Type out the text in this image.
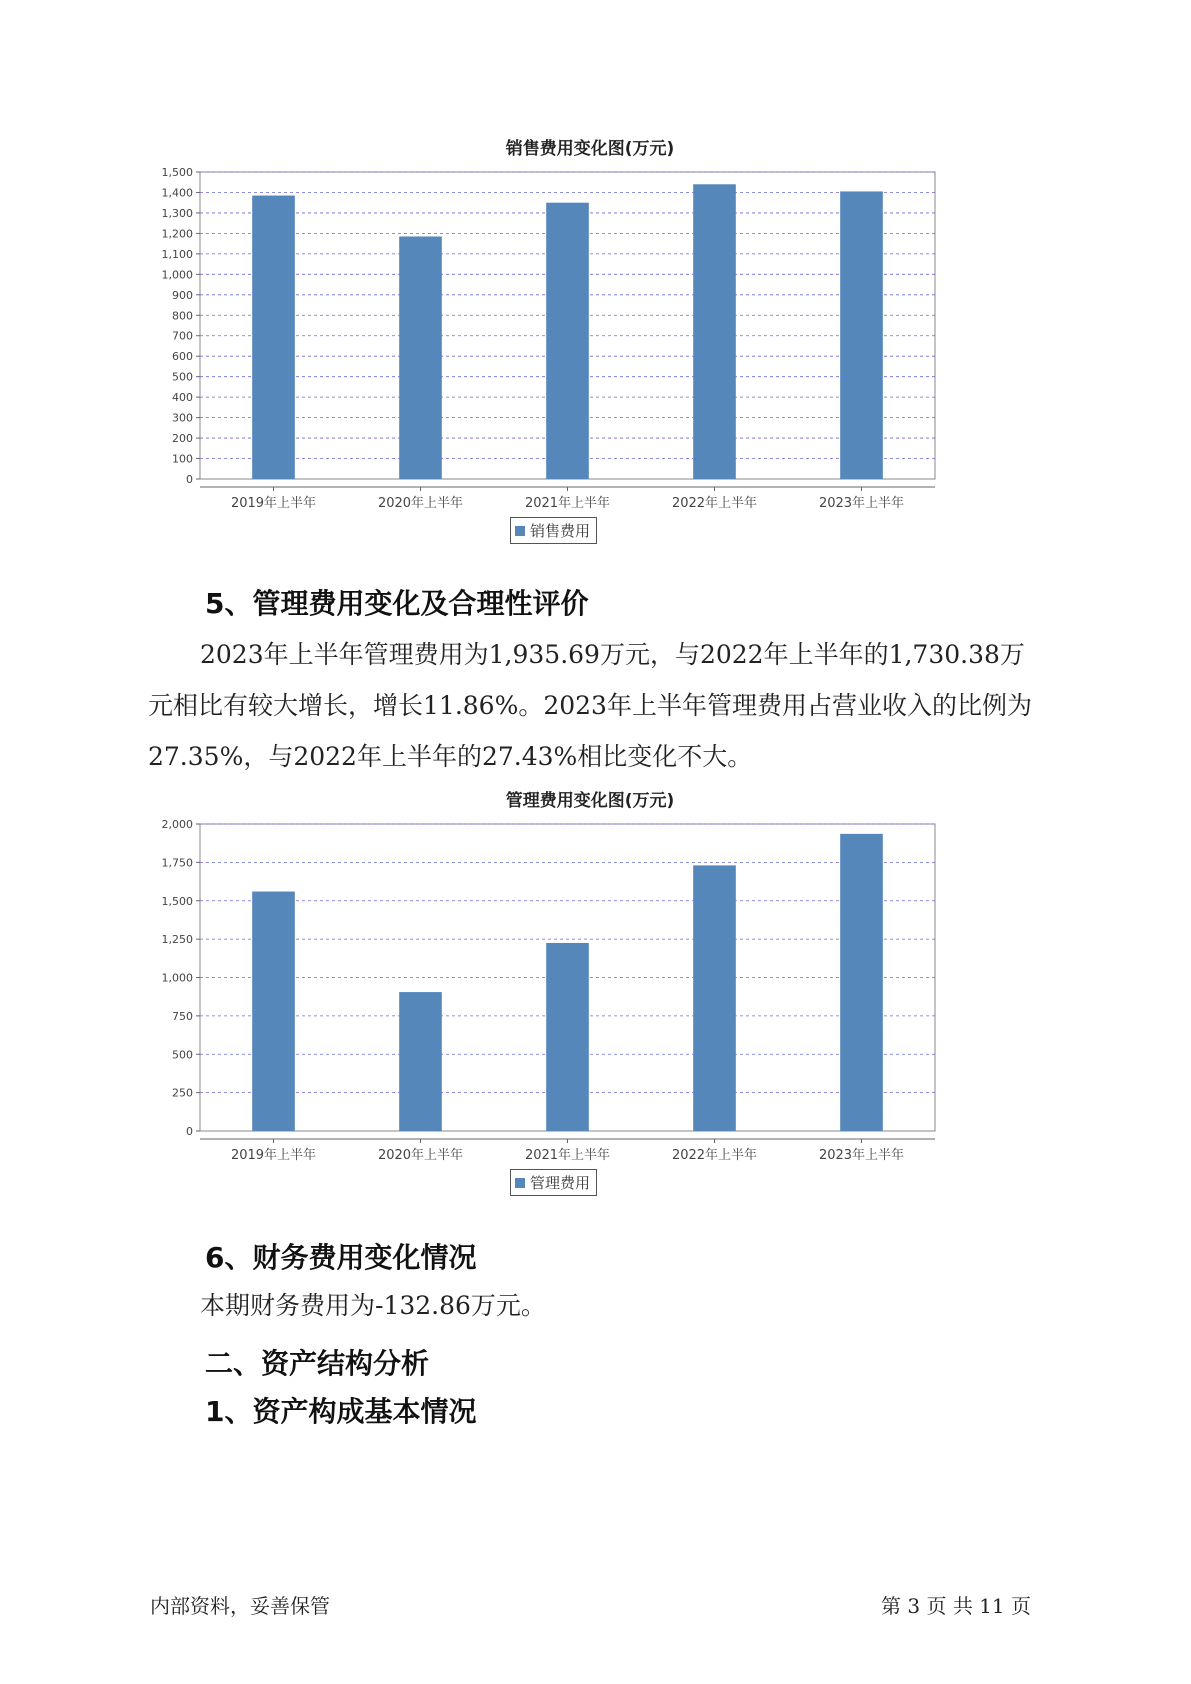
销售费用变化图(万元)
0
100
200
300
400
500
600
700
800
900
1,000
1,100
1,200
1,300
1,400
1,500
2019年上半年	2020年上半年	2021年上半年	2022年上半年	2023年上半年
销售费用
5、管理费用变化及合理性评价
2023年上半年管理费用为1,935.69万元，与2022年上半年的1,730.38万元相比有较大增长，增长11.86%。2023年上半年管理费用占营业收入的比例为27.35%，与2022年上半年的27.43%相比变化不大。
管理费用变化图(万元)
0
250
500
750
1,000
1,250
1,500
1,750
2,000
2019年上半年	2020年上半年	2021年上半年	2022年上半年	2023年上半年
管理费用
6、财务费用变化情况
本期财务费用为-132.86万元。
二、资产结构分析
1、资产构成基本情况
内部资料，妥善保管	第 3 页 共 11 页
